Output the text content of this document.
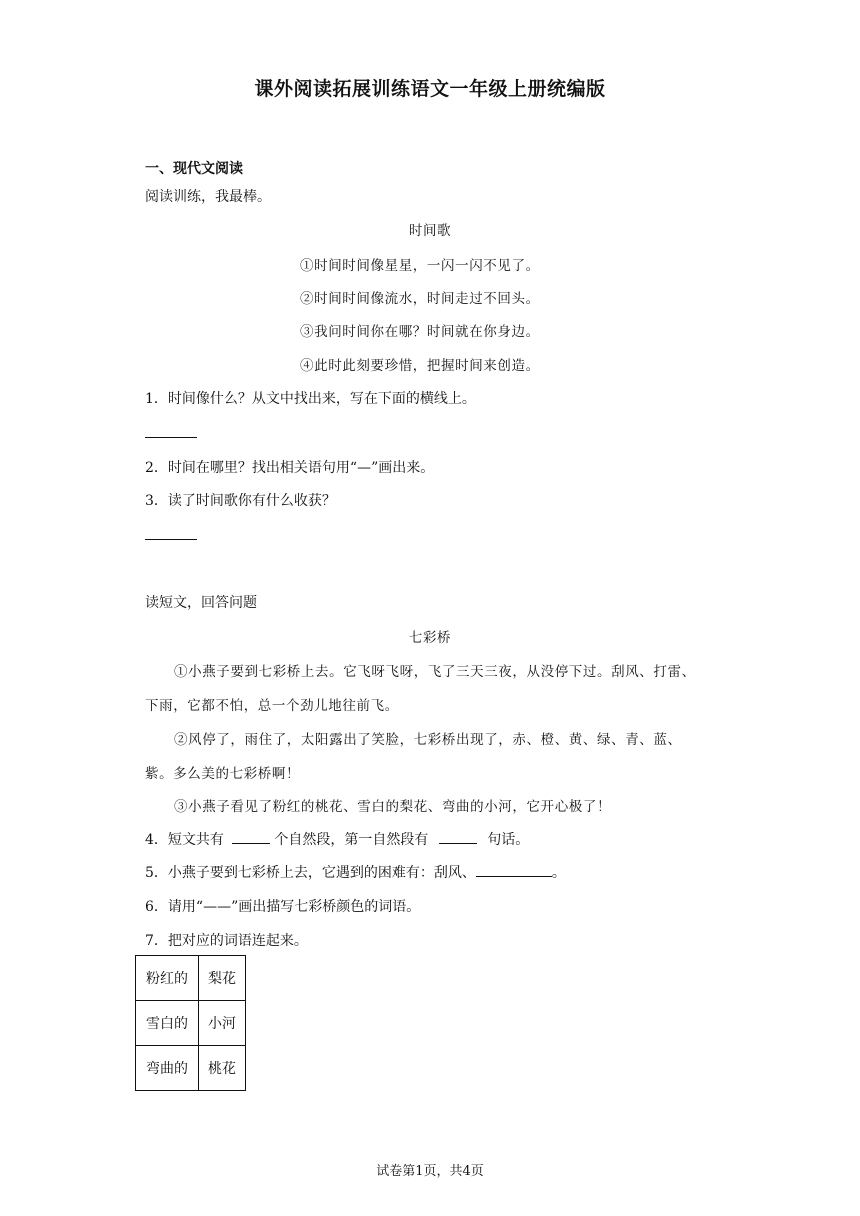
课外阅读拓展训练语文一年级上册统编版
一、现代文阅读
阅读训练，我最棒。
时间歌
①时间时间像星星，一闪一闪不见了。
②时间时间像流水，时间走过不回头。
③我问时间你在哪？时间就在你身边。
④此时此刻要珍惜，把握时间来创造。
1．时间像什么？从文中找出来，写在下面的横线上。
2．时间在哪里？找出相关语句用“—”画出来。
3．读了时间歌你有什么收获？
读短文，回答问题
七彩桥
①小燕子要到七彩桥上去。它飞呀飞呀，飞了三天三夜，从没停下过。刮风、打雷、
下雨，它都不怕，总一个劲儿地往前飞。
②风停了，雨住了，太阳露出了笑脸，七彩桥出现了，赤、橙、黄、绿、青、蓝、
紫。多么美的七彩桥啊！
③小燕子看见了粉红的桃花、雪白的梨花、弯曲的小河，它开心极了！
4．短文共有	个自然段，第一自然段有	句话。
5．小燕子要到七彩桥上去，它遇到的困难有：刮风、	。
6．请用“——”画出描写七彩桥颜色的词语。
7．把对应的词语连起来。
粉红的	梨花
雪白的	小河
弯曲的	桃花
试卷第1页，共4页
